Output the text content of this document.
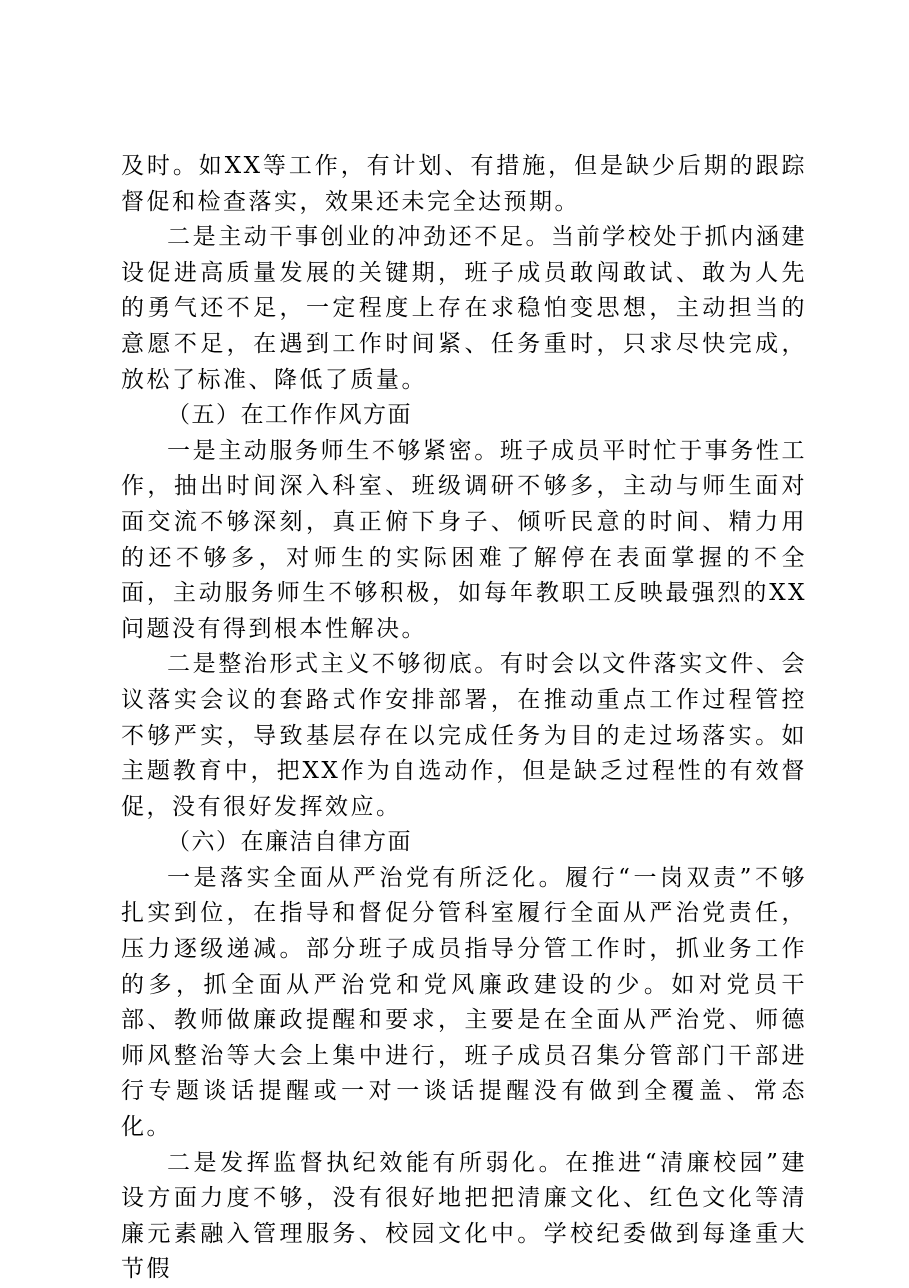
及时。如XX等工作，有计划、有措施，但是缺少后期的跟踪督促和检查落实，效果还未完全达预期。

二是主动干事创业的冲劲还不足。当前学校处于抓内涵建设促进高质量发展的关键期，班子成员敢闯敢试、敢为人先的勇气还不足，一定程度上存在求稳怕变思想，主动担当的意愿不足，在遇到工作时间紧、任务重时，只求尽快完成，放松了标准、降低了质量。

（五）在工作作风方面

一是主动服务师生不够紧密。班子成员平时忙于事务性工作，抽出时间深入科室、班级调研不够多，主动与师生面对面交流不够深刻，真正俯下身子、倾听民意的时间、精力用的还不够多，对师生的实际困难了解停在表面掌握的不全面，主动服务师生不够积极，如每年教职工反映最强烈的XX问题没有得到根本性解决。

二是整治形式主义不够彻底。有时会以文件落实文件、会议落实会议的套路式作安排部署，在推动重点工作过程管控不够严实，导致基层存在以完成任务为目的走过场落实。如主题教育中，把XX作为自选动作，但是缺乏过程性的有效督促，没有很好发挥效应。

（六）在廉洁自律方面

一是落实全面从严治党有所泛化。履行“一岗双责”不够扎实到位，在指导和督促分管科室履行全面从严治党责任，压力逐级递减。部分班子成员指导分管工作时，抓业务工作的多，抓全面从严治党和党风廉政建设的少。如对党员干部、教师做廉政提醒和要求，主要是在全面从严治党、师德师风整治等大会上集中进行，班子成员召集分管部门干部进行专题谈话提醒或一对一谈话提醒没有做到全覆盖、常态化。

二是发挥监督执纪效能有所弱化。在推进“清廉校园”建设方面力度不够，没有很好地把把清廉文化、红色文化等清廉元素融入管理服务、校园文化中。学校纪委做到每逢重大节假
